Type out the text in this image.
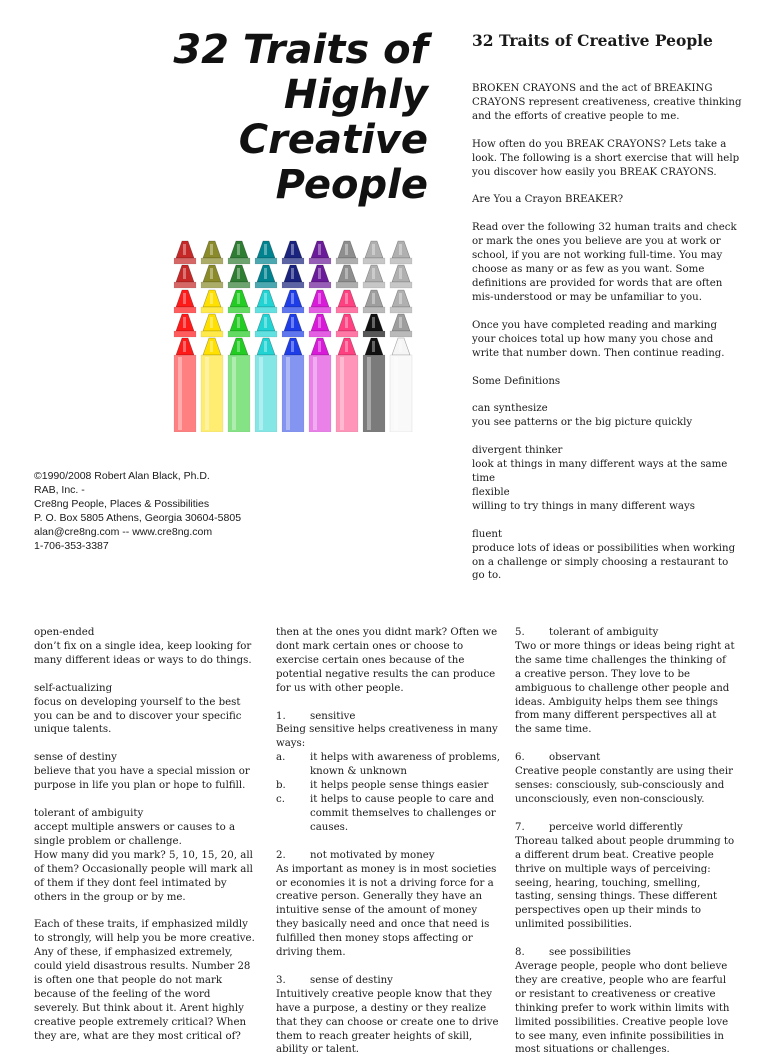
32 Traits of
Highly
Creative
People
©1990/2008 Robert Alan Black, Ph.D.
RAB, Inc. -
Cre8ng People, Places & Possibilities
P. O. Box 5805 Athens, Georgia 30604-5805
alan@cre8ng.com -- www.cre8ng.com
1-706-353-3387
32 Traits of Creative People

BROKEN CRAYONS and the act of BREAKING CRAYONS represent creativeness, creative thinking and the efforts of creative people to me.

How often do you BREAK CRAYONS? Lets take a look. The following is a short exercise that will help you discover how easily you BREAK CRAYONS.

Are You a Crayon BREAKER?

Read over the following 32 human traits and check or mark the ones you believe are you at work or school, if you are not working full-time. You may choose as many or as few as you want. Some definitions are provided for words that are often mis-understood or may be unfamiliar to you.

Once you have completed reading and marking your choices total up how many you chose and write that number down. Then continue reading.

Some Definitions

can synthesize
you see patterns or the big picture quickly

divergent thinker
look at things in many different ways at the same time
flexible
willing to try things in many different ways

fluent
produce lots of ideas or possibilities when working on a challenge or simply choosing a restaurant to go to.

open-ended
don’t fix on a single idea, keep looking for many different ideas or ways to do things.

self-actualizing
focus on developing yourself to the best you can be and to discover your specific unique talents.

sense of destiny
believe that you have a special mission or purpose in life you plan or hope to fulfill.

tolerant of ambiguity
accept multiple answers or causes to a single problem or challenge.

How many did you mark? 5, 10, 15, 20, all of them? Occasionally people will mark all of them if they dont feel intimated by others in the group or by me.

Each of these traits, if emphasized mildly to strongly, will help you be more creative. Any of these, if emphasized extremely, could yield disastrous results. Number 28 is often one that people do not mark because of the feeling of the word severely. But think about it. Arent highly creative people extremely critical? When they are, what are they most critical of?

then at the ones you didnt mark? Often we dont mark certain ones or choose to exercise certain ones because of the potential negative results the can produce for us with other people.

1.	sensitive
Being sensitive helps creativeness in many ways:
a.	it helps with awareness of problems, known & unknown
b.	it helps people sense things easier
c.	it helps to cause people to care and commit themselves to challenges or causes.
2.	not motivated by money
As important as money is in most societies or economies it is not a driving force for a creative person. Generally they have an intuitive sense of the amount of money they basically need and once that need is fulfilled then money stops affecting or driving them.
3.	sense of destiny
Intuitively creative people know that they have a purpose, a destiny or they realize that they can choose or create one to drive them to reach greater heights of skill, ability or talent.
5.	tolerant of ambiguity
Two or more things or ideas being right at the same time challenges the thinking of a creative person. They love to be ambiguous to challenge other people and ideas. Ambiguity helps them see things from many different perspectives all at the same time.
6.	observant
Creative people constantly are using their senses: consciously, sub-consciously and unconsciously, even non-consciously.
7.	perceive world differently
Thoreau talked about people drumming to a different drum beat. Creative people thrive on multiple ways of perceiving: seeing, hearing, touching, smelling, tasting, sensing things. These different perspectives open up their minds to unlimited possibilities.
8.	see possibilities
Average people, people who dont believe they are creative, people who are fearful or resistant to creativeness or creative thinking prefer to work within limits with limited possibilities. Creative people love to see many, even infinite possibilities in most situations or challenges.
